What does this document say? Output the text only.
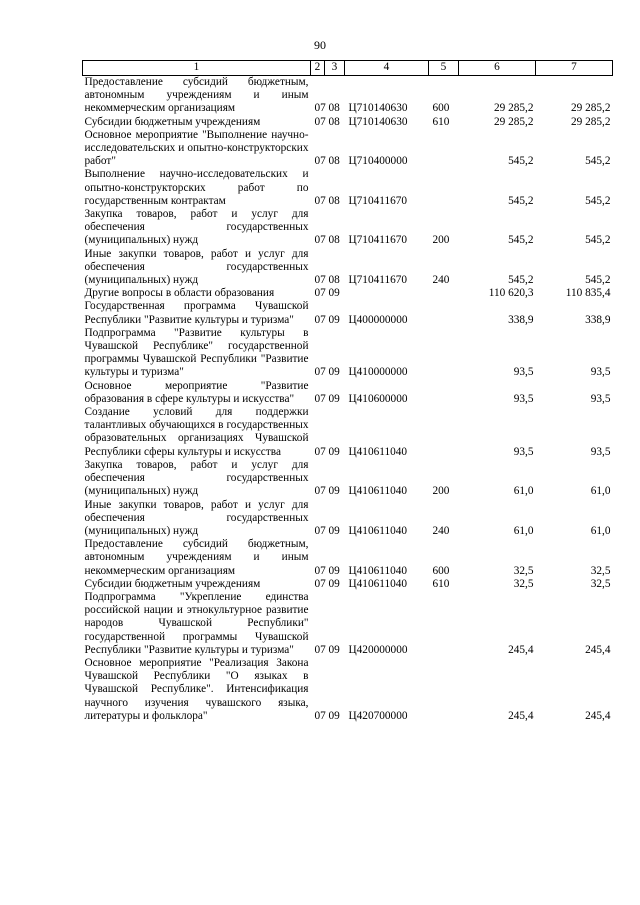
90
1	2	3	4	5	6	7
Предоставление субсидий бюджетным, автономным учреждениям и иным некоммерческим организациям	07	08	Ц710140630	600	29 285,2	29 285,2
Субсидии бюджетным учреждениям	07	08	Ц710140630	610	29 285,2	29 285,2
Основное мероприятие "Выполнение научно-исследовательских и опытно-конструкторских работ"	07	08	Ц710400000		545,2	545,2
Выполнение научно-исследовательских и опытно-конструкторских работ по государственным контрактам	07	08	Ц710411670		545,2	545,2
Закупка товаров, работ и услуг для обеспечения государственных (муниципальных) нужд	07	08	Ц710411670	200	545,2	545,2
Иные закупки товаров, работ и услуг для обеспечения государственных (муниципальных) нужд	07	08	Ц710411670	240	545,2	545,2
Другие вопросы в области образования	07	09			110 620,3	110 835,4
Государственная программа Чувашской Республики "Развитие культуры и туризма"	07	09	Ц400000000		338,9	338,9
Подпрограмма "Развитие культуры в Чувашской Республике" государственной программы Чувашской Республики "Развитие культуры и туризма"	07	09	Ц410000000		93,5	93,5
Основное мероприятие "Развитие образования в сфере культуры и искусства"	07	09	Ц410600000		93,5	93,5
Создание условий для поддержки талантливых обучающихся в государственных образовательных организациях Чувашской Республики сферы культуры и искусства	07	09	Ц410611040		93,5	93,5
Закупка товаров, работ и услуг для обеспечения государственных (муниципальных) нужд	07	09	Ц410611040	200	61,0	61,0
Иные закупки товаров, работ и услуг для обеспечения государственных (муниципальных) нужд	07	09	Ц410611040	240	61,0	61,0
Предоставление субсидий бюджетным, автономным учреждениям и иным некоммерческим организациям	07	09	Ц410611040	600	32,5	32,5
Субсидии бюджетным учреждениям	07	09	Ц410611040	610	32,5	32,5
Подпрограмма "Укрепление единства российской нации и этнокультурное развитие народов Чувашской Республики" государственной программы Чувашской Республики "Развитие культуры и туризма"	07	09	Ц420000000		245,4	245,4
Основное мероприятие "Реализация Закона Чувашской Республики "О языках в Чувашской Республике". Интенсификация научного изучения чувашского языка, литературы и фольклора"	07	09	Ц420700000		245,4	245,4
